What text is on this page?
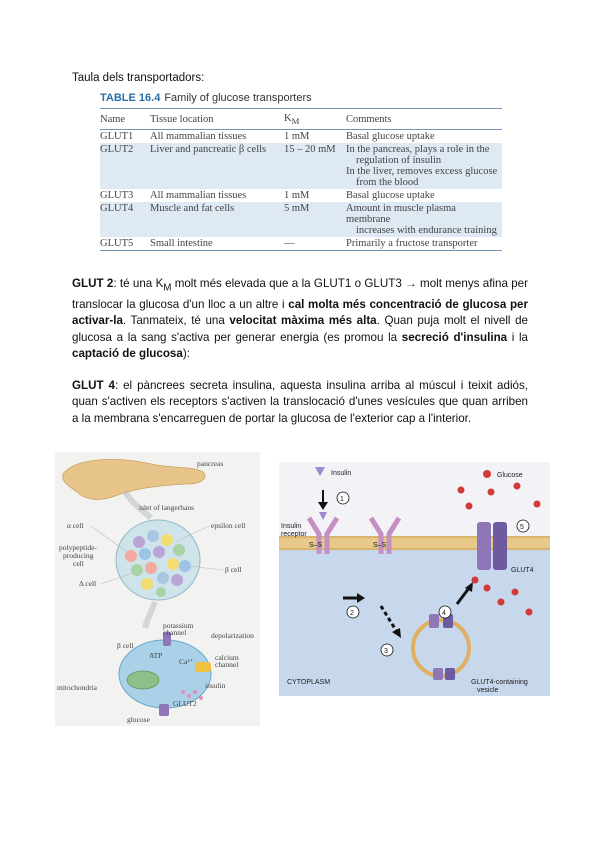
Taula dels transportadors:
TABLE 16.4 Family of glucose transporters
Name	Tissue location	$K_M$	Comments
GLUT1	All mammalian tissues	1 mM	Basal glucose uptake

GLUT2	Liver and pancreatic β cells	15 – 20 mM	In the pancreas, plays a role in the
regulation of insulin
In the liver, removes excess glucose
from the blood

GLUT3	All mammalian tissues	1 mM	Basal glucose uptake

GLUT4	Muscle and fat cells	5 mM	Amount in muscle plasma membrane
increases with endurance training

GLUT5	Small intestine	—	Primarily a fructose transporter
GLUT 2: té una $K_M$ molt més elevada que a la GLUT1 o GLUT3 → molt menys afina per translocar la glucosa d'un lloc a un altre i cal molta més concentració de glucosa per activar-la. Tanmateix, té una velocitat màxima més alta. Quan puja molt el nivell de glucosa a la sang s'activa per generar energia (es promou la secreció d'insulina i la captació de glucosa):
GLUT 4: el pàncrees secreta insulina, aquesta insulina arriba al múscul i teixit adiós, quan s'activen els receptors s'activen la translocació d'unes vesícules que quan arriben a la membrana s'encarreguen de portar la glucosa de l'exterior cap a l'interior.
pancreas
islet of langerhans
α cell	epsilon cell
polypeptide-
producing
cell
β cell
Δ cell
potassium
channel
β cell
depolarization
ATP
Ca²⁺	calcium
channel
mitochondria	insulin
GLUT2
glucose
Insulin	Glucose
1
Insulin
receptor
S–S	S–S
2
3
4
GLUT4
5
CYTOPLASM	GLUT4-containing
vesicle
